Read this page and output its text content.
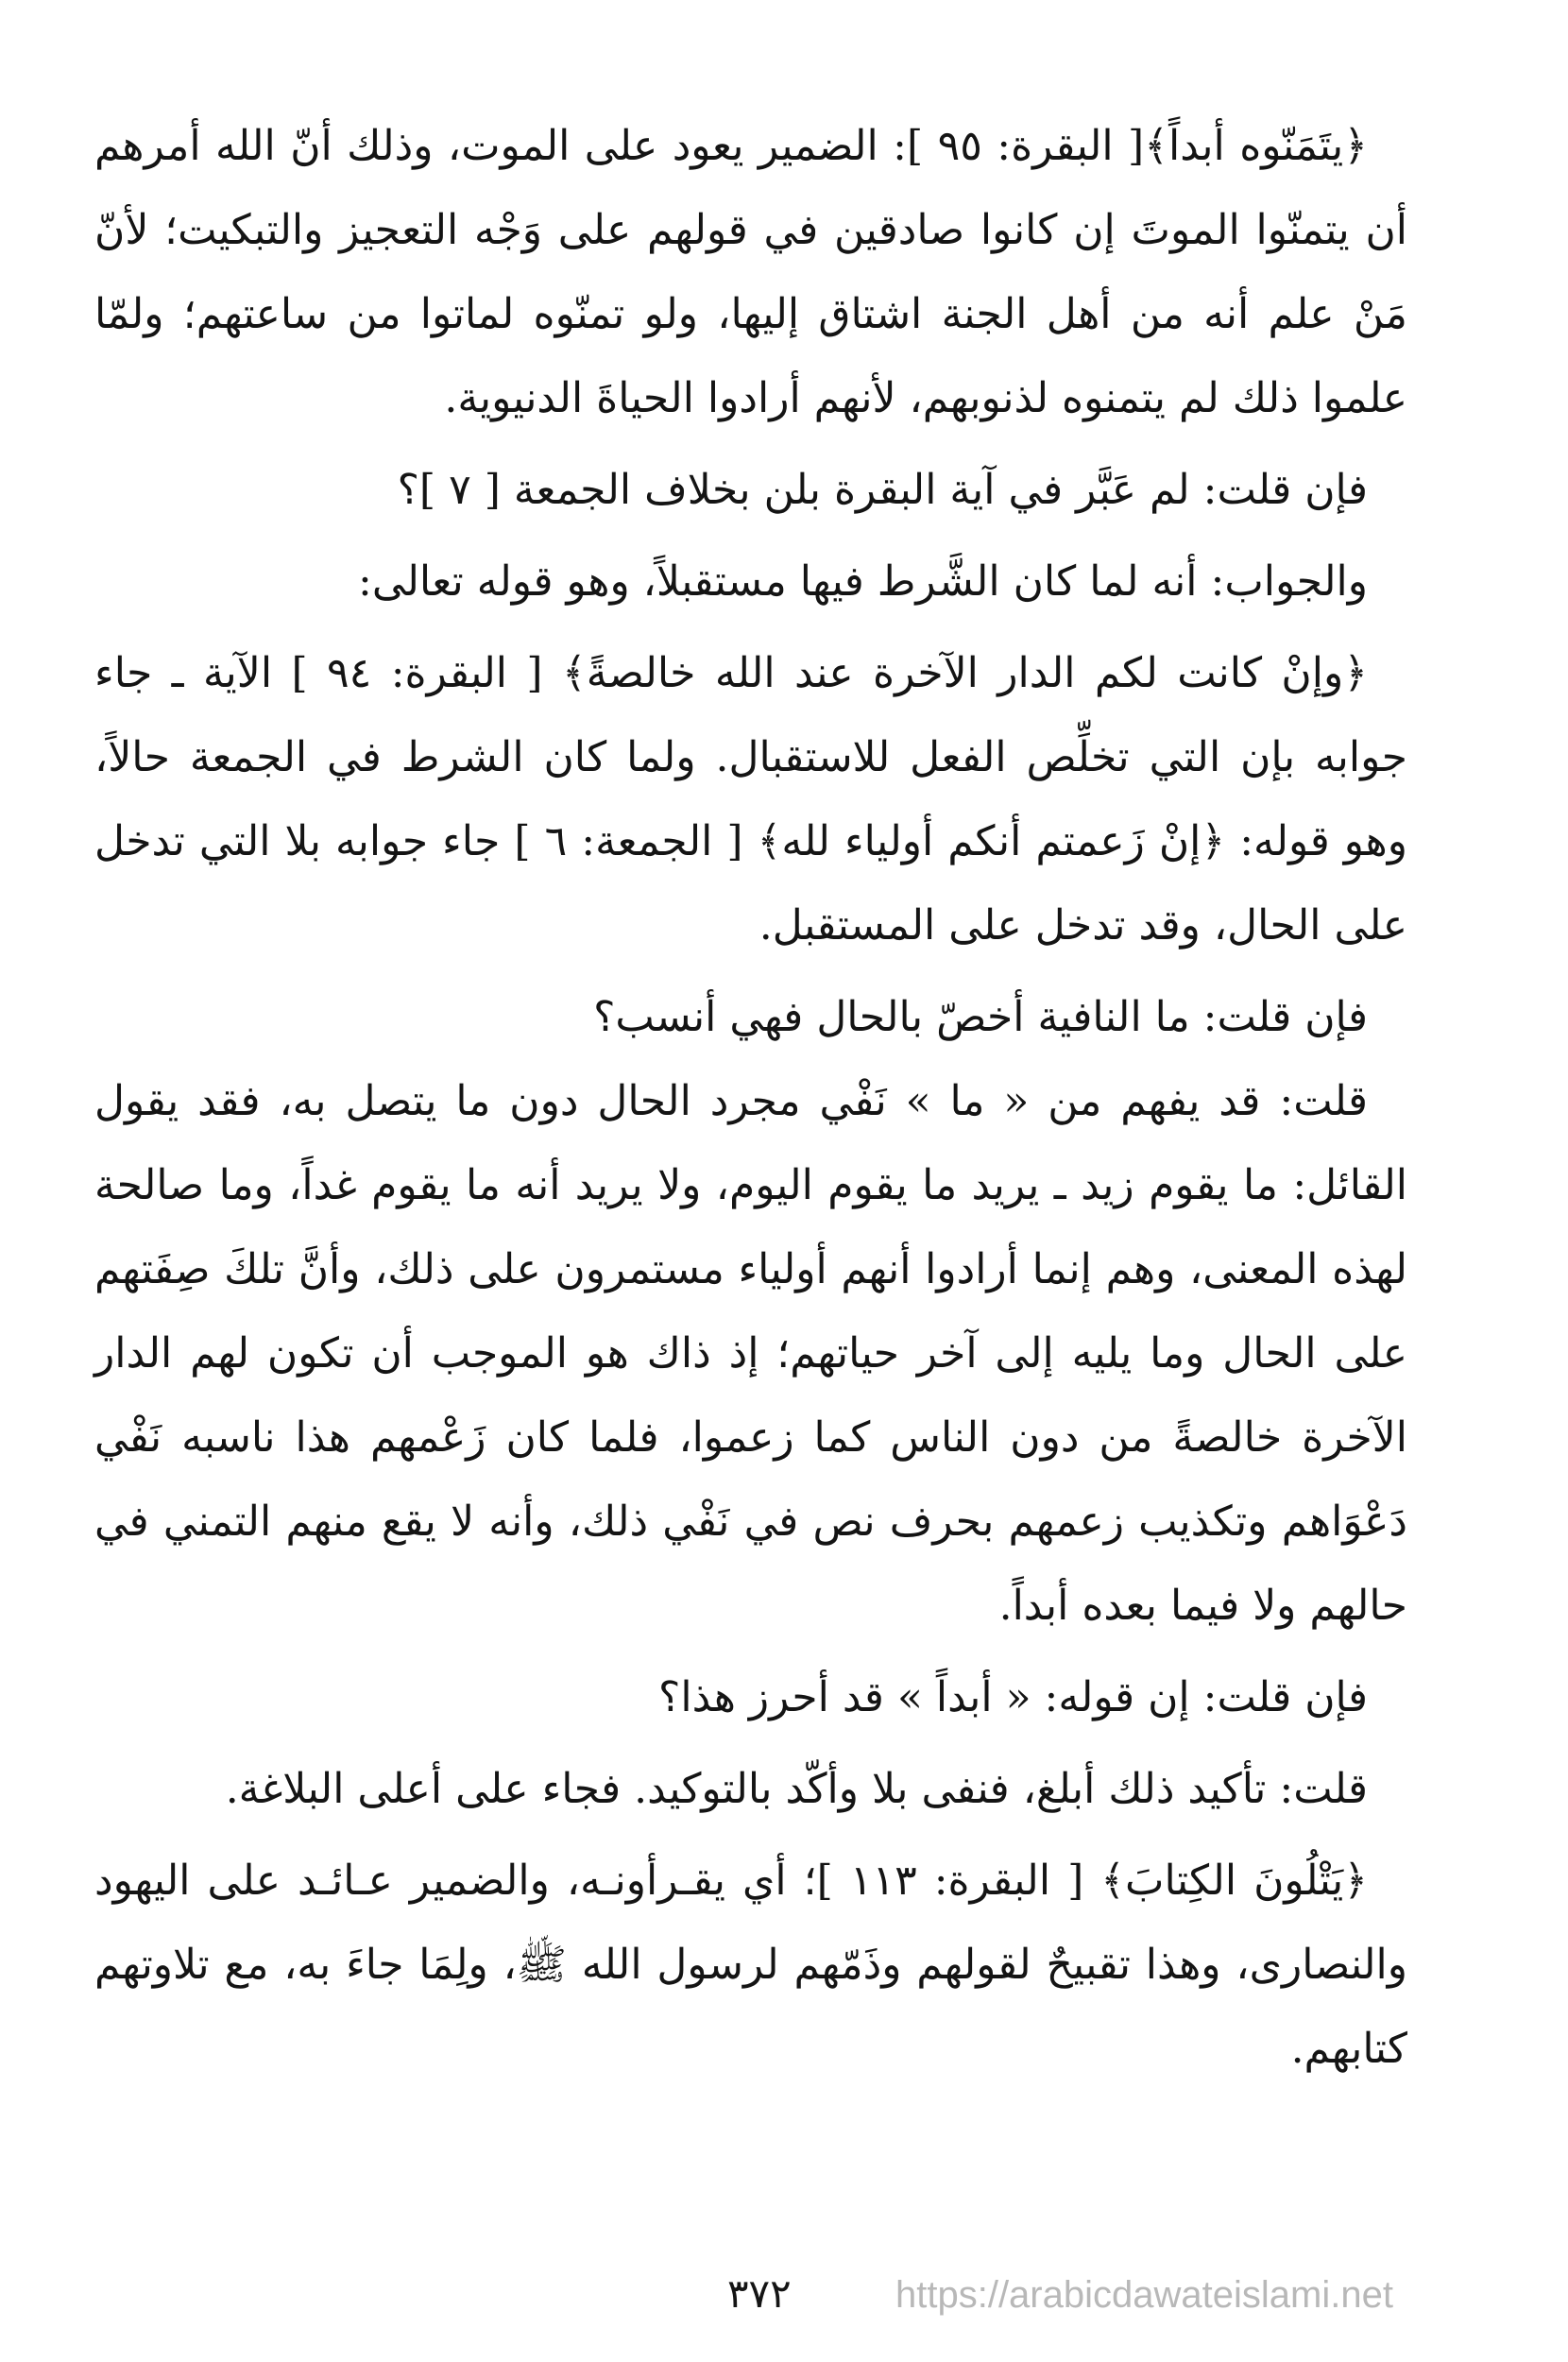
﴿يتَمَنّوه أبداً﴾[ البقرة: ٩٥ ]: الضمير يعود على الموت، وذلك أنّ الله أمرهم أن يتمنّوا الموتَ إن كانوا صادقين في قولهم على وَجْه التعجيز والتبكيت؛ لأنّ مَنْ علم أنه من أهل الجنة اشتاق إليها، ولو تمنّوه لماتوا من ساعتهم؛ ولمّا علموا ذلك لم يتمنوه لذنوبهم، لأنهم أرادوا الحياةَ الدنيوية.

فإن قلت: لم عَبَّر في آية البقرة بلن بخلاف الجمعة [ ٧ ]؟

والجواب: أنه لما كان الشَّرط فيها مستقبلاً، وهو قوله تعالى:

﴿وإنْ كانت لكم الدار الآخرة عند الله خالصةً﴾ [ البقرة: ٩٤ ] الآية ـ جاء جوابه بإن التي تخلِّص الفعل للاستقبال. ولما كان الشرط في الجمعة حالاً، وهو قوله: ﴿إنْ زَعمتم أنكم أولياء لله﴾ [ الجمعة: ٦ ] جاء جوابه بلا التي تدخل على الحال، وقد تدخل على المستقبل.

فإن قلت: ما النافية أخصّ بالحال فهي أنسب؟

قلت: قد يفهم من « ما » نَفْي مجرد الحال دون ما يتصل به، فقد يقول القائل: ما يقوم زيد ـ يريد ما يقوم اليوم، ولا يريد أنه ما يقوم غداً، وما صالحة لهذه المعنى، وهم إنما أرادوا أنهم أولياء مستمرون على ذلك، وأنَّ تلكَ صِفَتهم على الحال وما يليه إلى آخر حياتهم؛ إذ ذاك هو الموجب أن تكون لهم الدار الآخرة خالصةً من دون الناس كما زعموا، فلما كان زَعْمهم هذا ناسبه نَفْي دَعْوَاهم وتكذيب زعمهم بحرف نص في نَفْي ذلك، وأنه لا يقع منهم التمني في حالهم ولا فيما بعده أبداً.

فإن قلت: إن قوله: « أبداً » قد أحرز هذا؟

قلت: تأكيد ذلك أبلغ، فنفى بلا وأكّد بالتوكيد. فجاء على أعلى البلاغة.

﴿يَتْلُونَ الكِتابَ﴾ [ البقرة: ١١٣ ]؛ أي يقـرأونـه، والضمير عـائـد على اليهود والنصارى، وهذا تقبيحٌ لقولهم وذَمّهم لرسول الله ﷺ، ولِمَا جاءَ به، مع تلاوتهم كتابهم.

٣٧٢	https://arabicdawateislami.net
